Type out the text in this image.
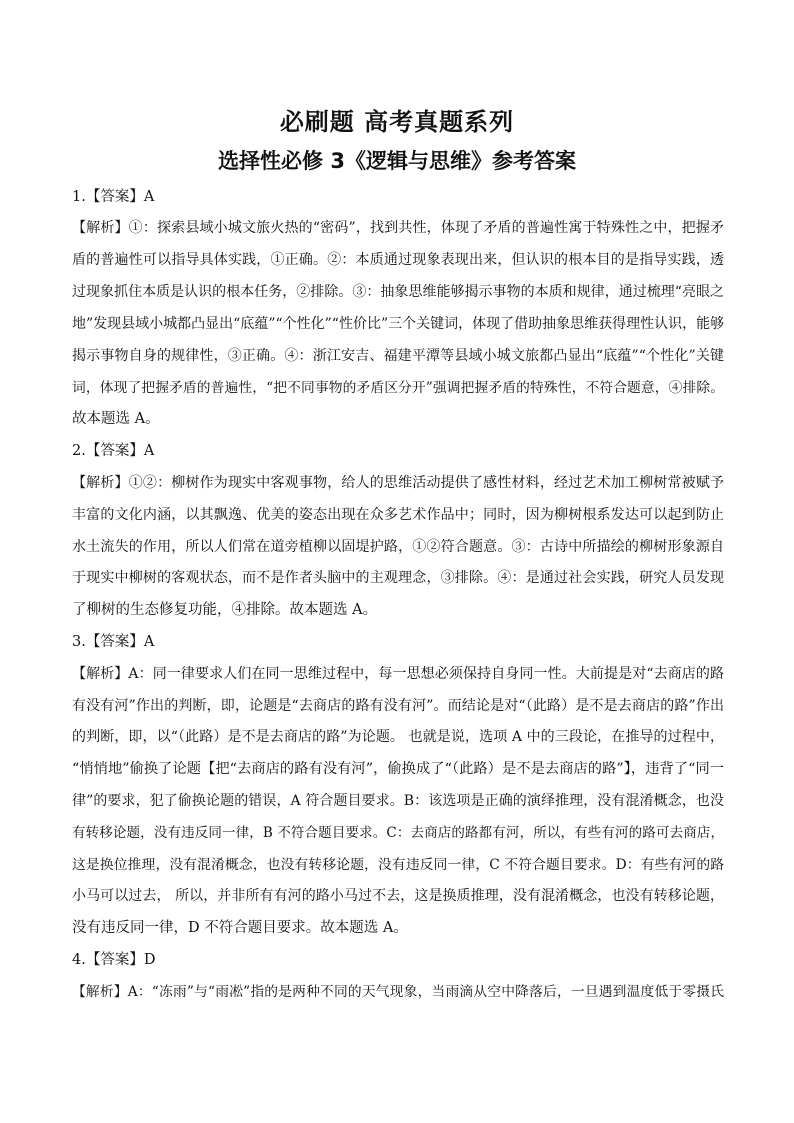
必刷题 高考真题系列
选择性必修 3《逻辑与思维》参考答案
1.【答案】A
【解析】①：探索县域小城文旅火热的“密码”，找到共性，体现了矛盾的普遍性寓于特殊性之中，把握矛
盾的普遍性可以指导具体实践，①正确。②：本质通过现象表现出来，但认识的根本目的是指导实践，透
过现象抓住本质是认识的根本任务，②排除。③：抽象思维能够揭示事物的本质和规律，通过梳理“亮眼之
地”发现县域小城都凸显出“底蕴”“个性化”“性价比”三个关键词，体现了借助抽象思维获得理性认识，能够
揭示事物自身的规律性，③正确。④：浙江安吉、福建平潭等县域小城文旅都凸显出“底蕴”“个性化”关键
词，体现了把握矛盾的普遍性，“把不同事物的矛盾区分开”强调把握矛盾的特殊性，不符合题意，④排除。
故本题选 A。
2.【答案】A
【解析】①②：柳树作为现实中客观事物，给人的思维活动提供了感性材料，经过艺术加工柳树常被赋予
丰富的文化内涵，以其飘逸、优美的姿态出现在众多艺术作品中；同时，因为柳树根系发达可以起到防止
水土流失的作用，所以人们常在道旁植柳以固堤护路，①②符合题意。③：古诗中所描绘的柳树形象源自
于现实中柳树的客观状态，而不是作者头脑中的主观理念，③排除。④：是通过社会实践，研究人员发现
了柳树的生态修复功能，④排除。故本题选 A。
3.【答案】A
【解析】A：同一律要求人们在同一思维过程中，每一思想必须保持自身同一性。大前提是对“去商店的路
有没有河”作出的判断，即，论题是“去商店的路有没有河”。而结论是对“（此路）是不是去商店的路”作出
的判断，即，以“（此路）是不是去商店的路”为论题。 也就是说，选项 A 中的三段论，在推导的过程中，
“悄悄地”偷换了论题【把“去商店的路有没有河”，偷换成了“（此路）是不是去商店的路”】，违背了“同一
律”的要求，犯了偷换论题的错误，A 符合题目要求。B：该选项是正确的演绎推理，没有混淆概念，也没
有转移论题，没有违反同一律，B 不符合题目要求。C：去商店的路都有河，所以，有些有河的路可去商店，
这是换位推理，没有混淆概念，也没有转移论题，没有违反同一律，C 不符合题目要求。D：有些有河的路
小马可以过去， 所以，并非所有有河的路小马过不去，这是换质推理，没有混淆概念，也没有转移论题，
没有违反同一律，D 不符合题目要求。故本题选 A。
4.【答案】D
【解析】A：“冻雨”与“雨凇”指的是两种不同的天气现象，当雨滴从空中降落后，一旦遇到温度低于零摄氏
